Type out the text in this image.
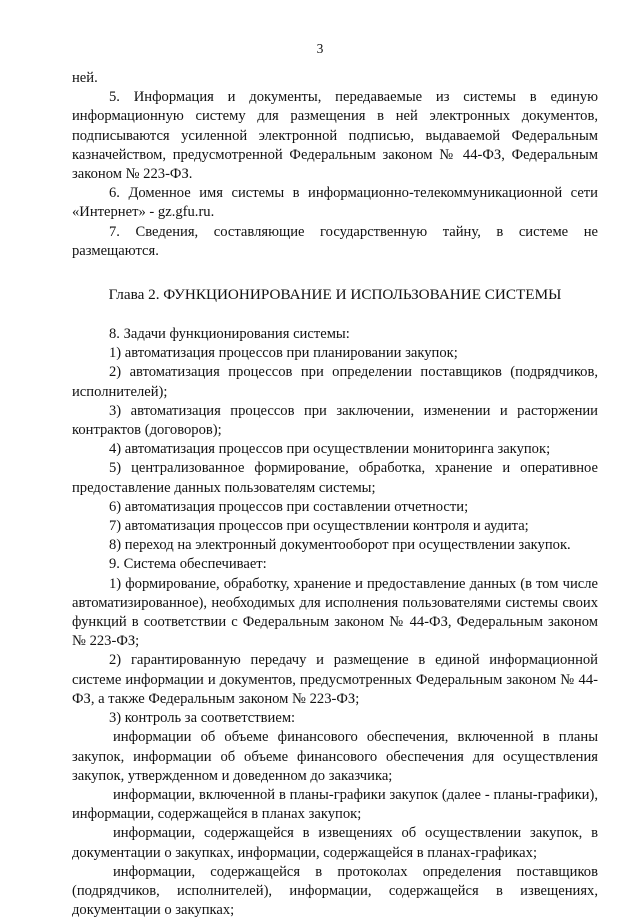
3

ней.

5. Информация и документы, передаваемые из системы в единую информационную систему для размещения в ней электронных документов, подписываются усиленной электронной подписью, выдаваемой Федеральным казначейством, предусмотренной Федеральным законом № 44-ФЗ, Федеральным законом № 223-ФЗ.

6. Доменное имя системы в информационно-телекоммуникационной сети «Интернет» - gz.gfu.ru.

7. Сведения, составляющие государственную тайну, в системе не размещаются.

Глава 2. ФУНКЦИОНИРОВАНИЕ И ИСПОЛЬЗОВАНИЕ СИСТЕМЫ

8. Задачи функционирования системы:

1) автоматизация процессов при планировании закупок;

2) автоматизация процессов при определении поставщиков (подрядчиков, исполнителей);

3) автоматизация процессов при заключении, изменении и расторжении контрактов (договоров);

4) автоматизация процессов при осуществлении мониторинга закупок;

5) централизованное формирование, обработка, хранение и оперативное предоставление данных пользователям системы;

6) автоматизация процессов при составлении отчетности;

7) автоматизация процессов при осуществлении контроля и аудита;

8) переход на электронный документооборот при осуществлении закупок.

9. Система обеспечивает:

1) формирование, обработку, хранение и предоставление данных (в том числе автоматизированное), необходимых для исполнения пользователями системы своих функций в соответствии с Федеральным законом № 44-ФЗ, Федеральным законом № 223-ФЗ;

2) гарантированную передачу и размещение в единой информационной системе информации и документов, предусмотренных Федеральным законом № 44-ФЗ, а также Федеральным законом № 223-ФЗ;

3) контроль за соответствием:

информации об объеме финансового обеспечения, включенной в планы закупок, информации об объеме финансового обеспечения для осуществления закупок, утвержденном и доведенном до заказчика;

информации, включенной в планы-графики закупок (далее - планы-графики), информации, содержащейся в планах закупок;

информации, содержащейся в извещениях об осуществлении закупок, в документации о закупках, информации, содержащейся в планах-графиках;

информации, содержащейся в протоколах определения поставщиков (подрядчиков, исполнителей), информации, содержащейся в извещениях, документации о закупках;
